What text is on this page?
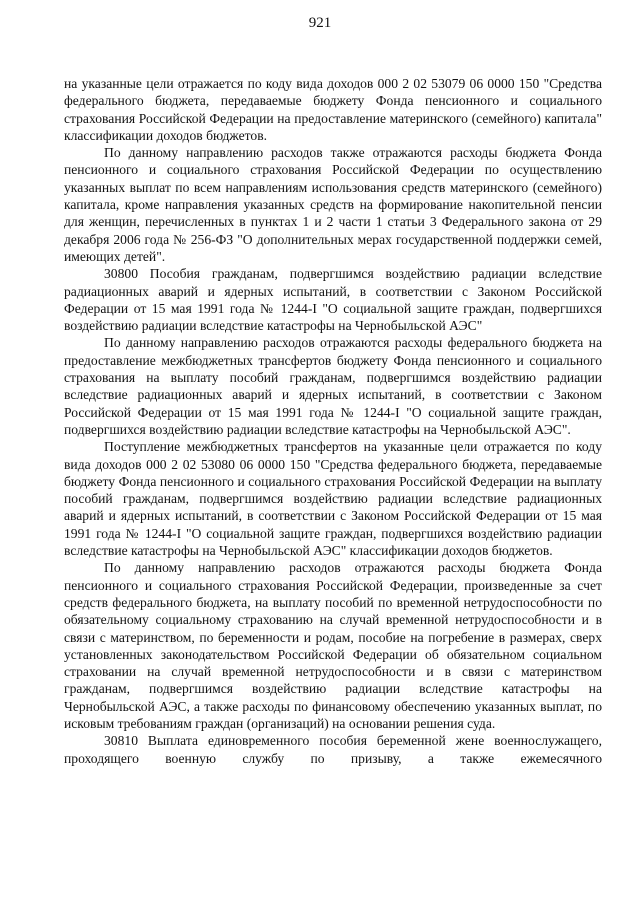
921

на указанные цели отражается по коду вида доходов 000 2 02 53079 06 0000 150 "Средства федерального бюджета, передаваемые бюджету Фонда пенсионного и социального страхования Российской Федерации на предоставление материнского (семейного) капитала" классификации доходов бюджетов.

По данному направлению расходов также отражаются расходы бюджета Фонда пенсионного и социального страхования Российской Федерации по осуществлению указанных выплат по всем направлениям использования средств материнского (семейного) капитала, кроме направления указанных средств на формирование накопительной пенсии для женщин, перечисленных в пунктах 1 и 2 части 1 статьи 3 Федерального закона от 29 декабря 2006 года № 256-ФЗ "О дополнительных мерах государственной поддержки семей, имеющих детей".

30800 Пособия гражданам, подвергшимся воздействию радиации вследствие радиационных аварий и ядерных испытаний, в соответствии с Законом Российской Федерации от 15 мая 1991 года № 1244-I "О социальной защите граждан, подвергшихся воздействию радиации вследствие катастрофы на Чернобыльской АЭС"

По данному направлению расходов отражаются расходы федерального бюджета на предоставление межбюджетных трансфертов бюджету Фонда пенсионного и социального страхования на выплату пособий гражданам, подвергшимся воздействию радиации вследствие радиационных аварий и ядерных испытаний, в соответствии с Законом Российской Федерации от 15 мая 1991 года № 1244-I "О социальной защите граждан, подвергшихся воздействию радиации вследствие катастрофы на Чернобыльской АЭС".

Поступление межбюджетных трансфертов на указанные цели отражается по коду вида доходов 000 2 02 53080 06 0000 150 "Средства федерального бюджета, передаваемые бюджету Фонда пенсионного и социального страхования Российской Федерации на выплату пособий гражданам, подвергшимся воздействию радиации вследствие радиационных аварий и ядерных испытаний, в соответствии с Законом Российской Федерации от 15 мая 1991 года № 1244-I "О социальной защите граждан, подвергшихся воздействию радиации вследствие катастрофы на Чернобыльской АЭС" классификации доходов бюджетов.

По данному направлению расходов отражаются расходы бюджета Фонда пенсионного и социального страхования Российской Федерации, произведенные за счет средств федерального бюджета, на выплату пособий по временной нетрудоспособности по обязательному социальному страхованию на случай временной нетрудоспособности и в связи с материнством, по беременности и родам, пособие на погребение в размерах, сверх установленных законодательством Российской Федерации об обязательном социальном страховании на случай временной нетрудоспособности и в связи с материнством гражданам, подвергшимся воздействию радиации вследствие катастрофы на Чернобыльской АЭС, а также расходы по финансовому обеспечению указанных выплат, по исковым требованиям граждан (организаций) на основании решения суда.

30810 Выплата единовременного пособия беременной жене военнослужащего, проходящего военную службу по призыву, а также ежемесячного
